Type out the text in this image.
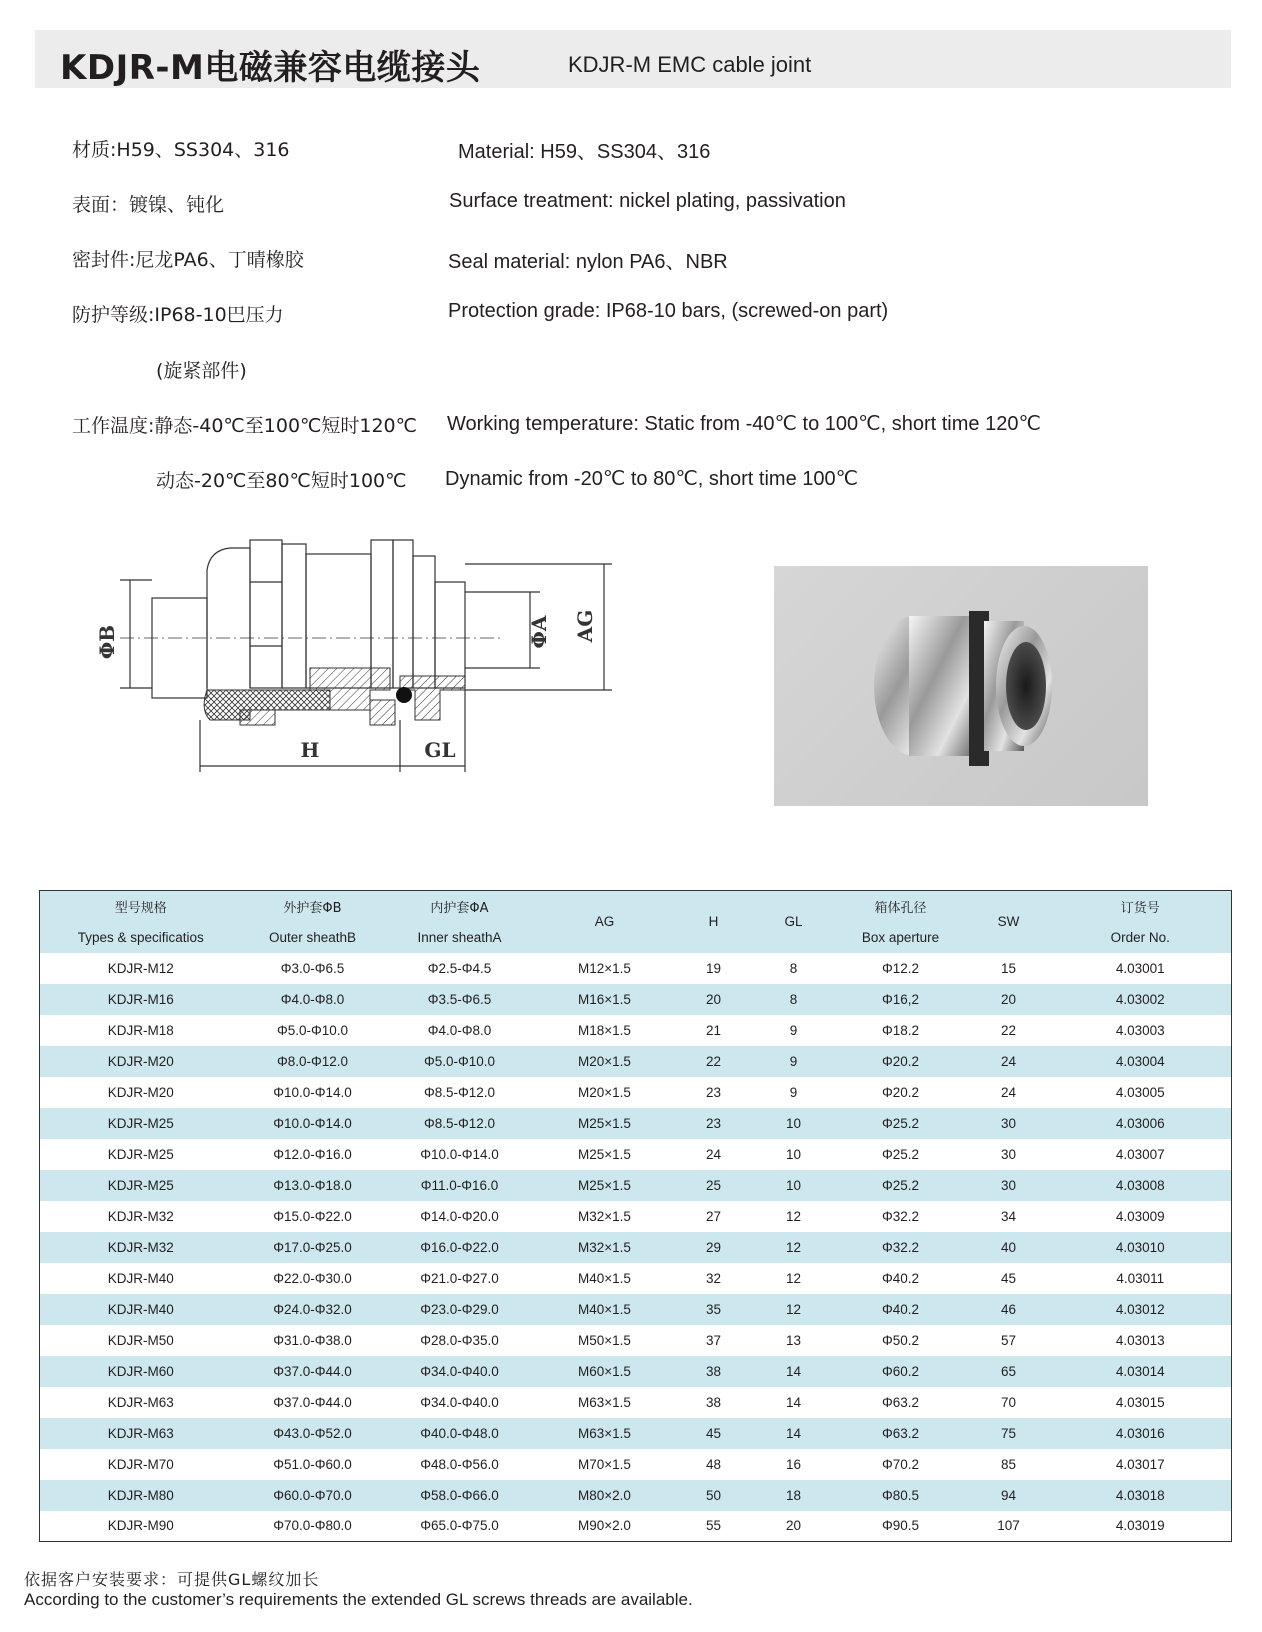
KDJR-M电磁兼容电缆接头	KDJR-M EMC cable joint
材质:H59、SS304、316	Material: H59、SS304、316
表面：镀镍、钝化	Surface treatment: nickel plating, passivation
密封件:尼龙PA6、丁晴橡胶	Seal material: nylon PA6、NBR
防护等级:IP68-10巴压力	Protection grade: IP68-10 bars, (screwed-on part)
(旋紧部件)
工作温度:静态-40℃至100℃短时120℃ Working temperature: Static from -40℃ to 100℃, short time 120℃
动态-20℃至80℃短时100℃ Dynamic from -20℃ to 80℃, short time 100℃
ΦB	ΦA AG
H	GL
型号规格	外护套ΦB	内护套ΦA	AG	H	GL	箱体孔径	SW	订货号
Types & specificatios	Outer sheathB	Inner sheathA				Box aperture		Order No.
KDJR-M12	Φ3.0-Φ6.5	Φ2.5-Φ4.5	M12×1.5	19	8	Φ12.2	15	4.03001
KDJR-M16	Φ4.0-Φ8.0	Φ3.5-Φ6.5	M16×1.5	20	8	Φ16,2	20	4.03002
KDJR-M18	Φ5.0-Φ10.0	Φ4.0-Φ8.0	M18×1.5	21	9	Φ18.2	22	4.03003
KDJR-M20	Φ8.0-Φ12.0	Φ5.0-Φ10.0	M20×1.5	22	9	Φ20.2	24	4.03004
KDJR-M20	Φ10.0-Φ14.0	Φ8.5-Φ12.0	M20×1.5	23	9	Φ20.2	24	4.03005
KDJR-M25	Φ10.0-Φ14.0	Φ8.5-Φ12.0	M25×1.5	23	10	Φ25.2	30	4.03006
KDJR-M25	Φ12.0-Φ16.0	Φ10.0-Φ14.0	M25×1.5	24	10	Φ25.2	30	4.03007
KDJR-M25	Φ13.0-Φ18.0	Φ11.0-Φ16.0	M25×1.5	25	10	Φ25.2	30	4.03008
KDJR-M32	Φ15.0-Φ22.0	Φ14.0-Φ20.0	M32×1.5	27	12	Φ32.2	34	4.03009
KDJR-M32	Φ17.0-Φ25.0	Φ16.0-Φ22.0	M32×1.5	29	12	Φ32.2	40	4.03010
KDJR-M40	Φ22.0-Φ30.0	Φ21.0-Φ27.0	M40×1.5	32	12	Φ40.2	45	4.03011
KDJR-M40	Φ24.0-Φ32.0	Φ23.0-Φ29.0	M40×1.5	35	12	Φ40.2	46	4.03012
KDJR-M50	Φ31.0-Φ38.0	Φ28.0-Φ35.0	M50×1.5	37	13	Φ50.2	57	4.03013
KDJR-M60	Φ37.0-Φ44.0	Φ34.0-Φ40.0	M60×1.5	38	14	Φ60.2	65	4.03014
KDJR-M63	Φ37.0-Φ44.0	Φ34.0-Φ40.0	M63×1.5	38	14	Φ63.2	70	4.03015
KDJR-M63	Φ43.0-Φ52.0	Φ40.0-Φ48.0	M63×1.5	45	14	Φ63.2	75	4.03016
KDJR-M70	Φ51.0-Φ60.0	Φ48.0-Φ56.0	M70×1.5	48	16	Φ70.2	85	4.03017
KDJR-M80	Φ60.0-Φ70.0	Φ58.0-Φ66.0	M80×2.0	50	18	Φ80.5	94	4.03018
KDJR-M90	Φ70.0-Φ80.0	Φ65.0-Φ75.0	M90×2.0	55	20	Φ90.5	107	4.03019
依据客户安装要求：可提供GL螺纹加长
According to the customer’s requirements the extended GL screws threads are available.
